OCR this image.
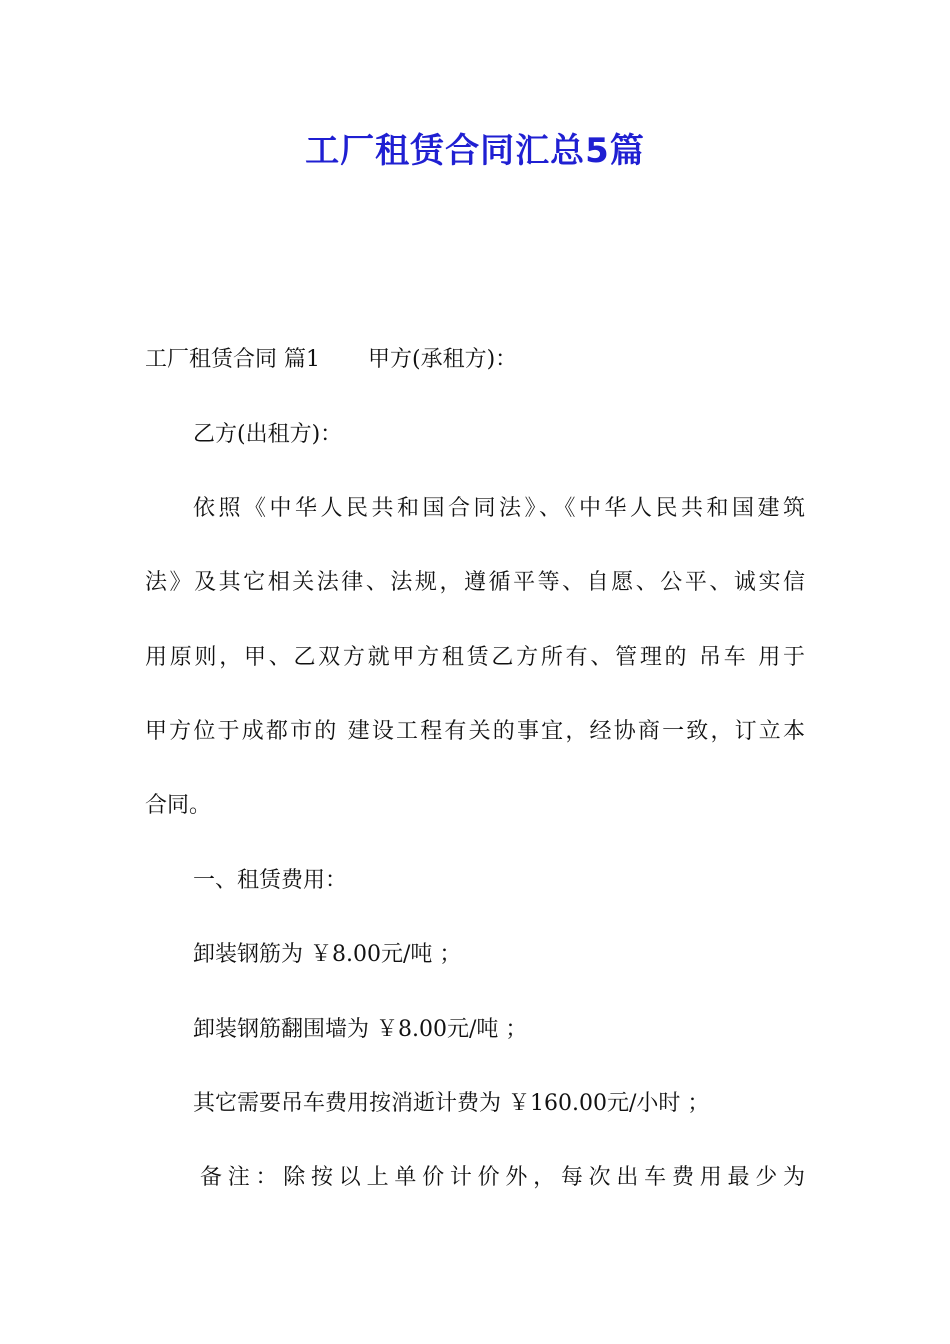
工厂租赁合同汇总5篇
工厂租赁合同 篇1 甲方(承租方)：
乙方(出租方)：
依照《中华人民共和国合同法》、《中华人民共和国建筑
法》及其它相关法律、法规，遵循平等、自愿、公平、诚实信
用原则，甲、乙双方就甲方租赁乙方所有、管理的 吊车 用于
甲方位于成都市的 建设工程有关的事宜，经协商一致，订立本
合同。
一、租赁费用：
卸装钢筋为 ￥8.00元/吨 ；
卸装钢筋翻围墙为 ￥8.00元/吨 ；
其它需要吊车费用按消逝计费为 ￥160.00元/小时 ；
备注：除按以上单价计价外，每次出车费用最少为
